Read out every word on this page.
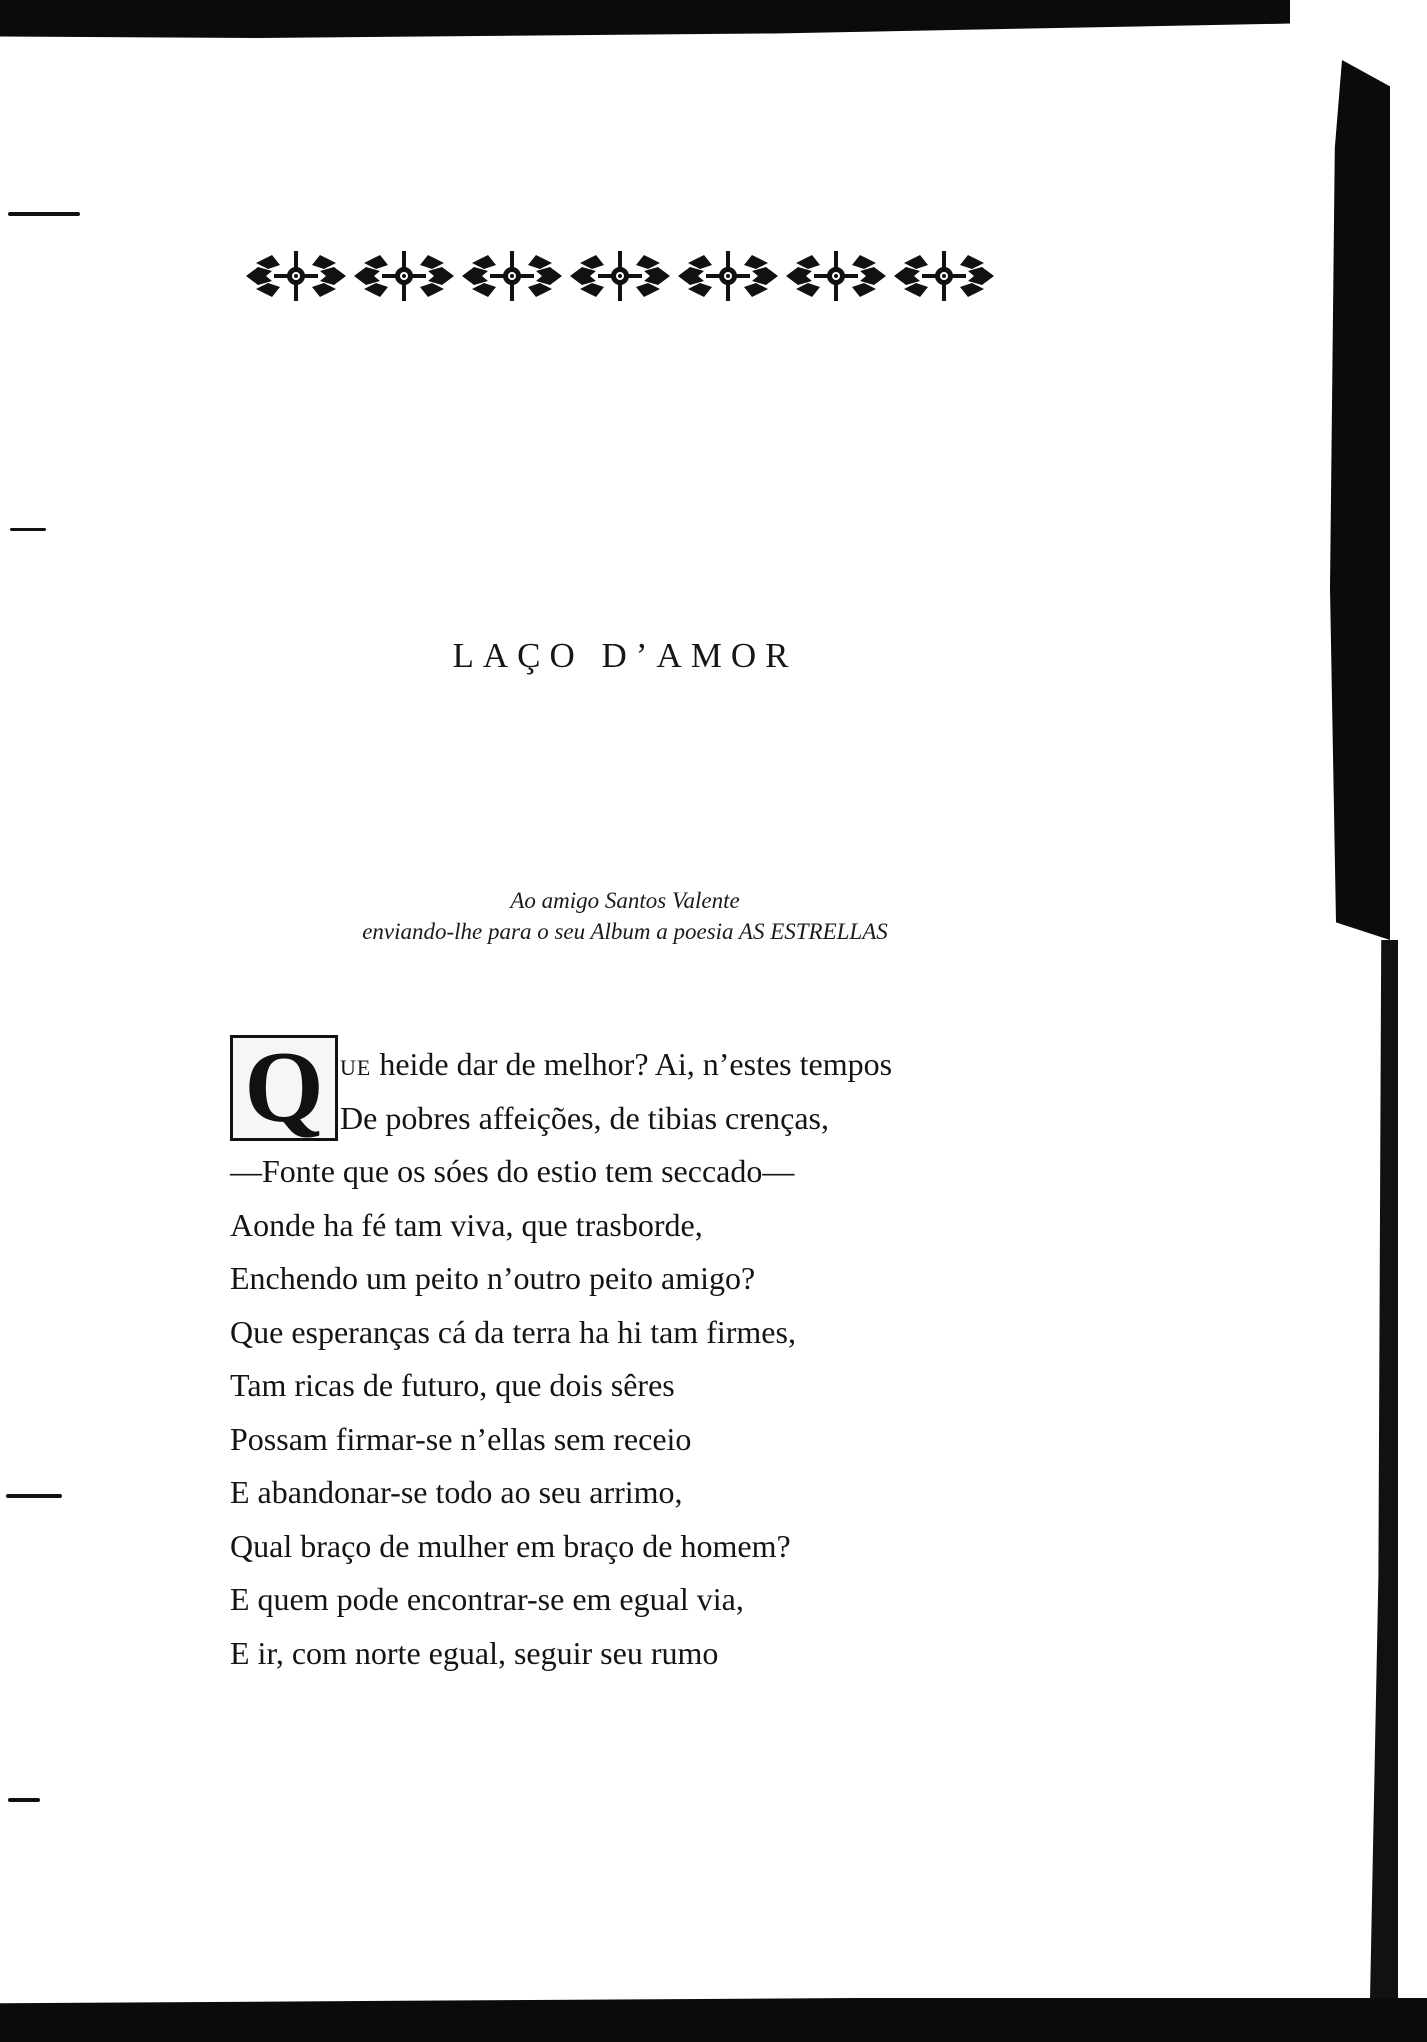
LAÇO D’AMOR
Ao amigo Santos Valente
enviando-lhe para o seu Album a poesia AS ESTRELLAS
Q UE heide dar de melhor? Ai, n’estes tempos
De pobres affeições, de tibias crenças,
—Fonte que os sóes do estio tem seccado—
Aonde ha fé tam viva, que trasborde,
Enchendo um peito n’outro peito amigo?
Que esperanças cá da terra ha hi tam firmes,
Tam ricas de futuro, que dois sêres
Possam firmar-se n’ellas sem receio
E abandonar-se todo ao seu arrimo,
Qual braço de mulher em braço de homem?
E quem pode encontrar-se em egual via,
E ir, com norte egual, seguir seu rumo
